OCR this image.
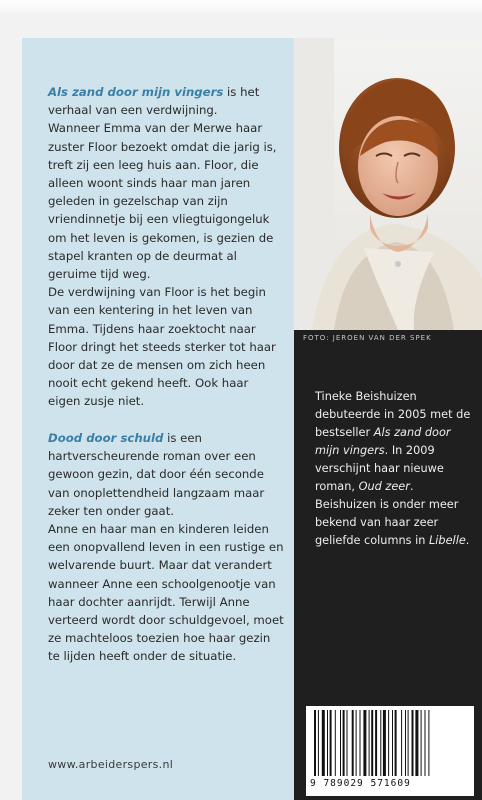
FOTO: JEROEN VAN DER SPEK
Als zand door mijn vingers is het verhaal van een verdwijning.
Wanneer Emma van der Merwe haar zuster Floor bezoekt omdat die jarig is, treft zij een leeg huis aan. Floor, die alleen woont sinds haar man jaren geleden in gezelschap van zijn vriendinnetje bij een vliegtuigongeluk om het leven is gekomen, is gezien de stapel kranten op de deurmat al geruime tijd weg.
De verdwijning van Floor is het begin van een kentering in het leven van Emma. Tijdens haar zoektocht naar Floor dringt het steeds sterker tot haar door dat ze de mensen om zich heen nooit echt gekend heeft. Ook haar eigen zusje niet.
Dood door schuld is een hartverscheurende roman over een gewoon gezin, dat door één seconde van onoplettendheid langzaam maar zeker ten onder gaat.
Anne en haar man en kinderen leiden een onopvallend leven in een rustige en welvarende buurt. Maar dat verandert wanneer Anne een schoolgenootje van haar dochter aanrijdt. Terwijl Anne verteerd wordt door schuldgevoel, moet ze machteloos toezien hoe haar gezin te lijden heeft onder de situatie.
Tineke Beishuizen debuteerde in 2005 met de bestseller Als zand door mijn vingers. In 2009 verschijnt haar nieuwe roman, Oud zeer. Beishuizen is onder meer bekend van haar zeer geliefde columns in Libelle.
9 789029 571609
www.arbeiderspers.nl
